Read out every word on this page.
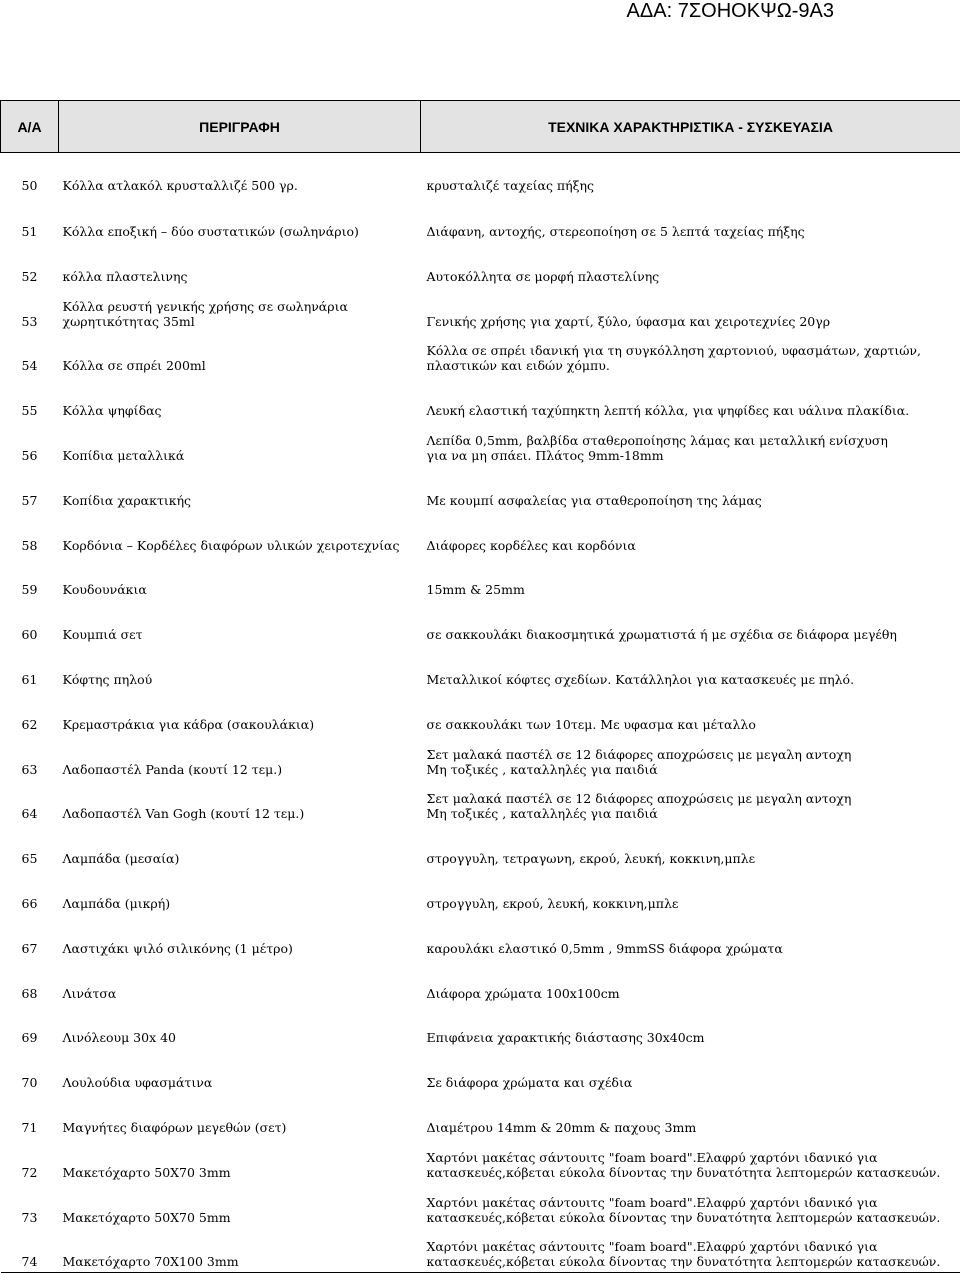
ΑΔΑ: 7ΣΟΗΟΚΨΩ-9Α3
Α/Α	ΠΕΡΙΓΡΑΦΗ	ΤΕΧΝΙΚΑ ΧΑΡΑΚΤΗΡΙΣΤΙΚΑ - ΣΥΣΚΕΥΑΣΙΑ
50	Κόλλα ατλακόλ κρυσταλλιζέ 500 γρ.	κρυσταλιζέ ταχείας πήξης

51	Κόλλα εποξική – δύο συστατικών (σωληνάριο)	Διάφανη, αντοχής, στερεοποίηση σε 5 λεπτά ταχείας πήξης

52	κόλλα πλαστελινης	Αυτοκόλλητα σε μορφή πλαστελίνης

53	Κόλλα ρευστή γενικής χρήσης σε σωληνάρια
χωρητικότητας 35ml	Γενικής χρήσης για χαρτί, ξύλο, ύφασμα και χειροτεχνίες 20γρ

54	Κόλλα σε σπρέι 200ml	Κόλλα σε σπρέι ιδανική για τη συγκόλληση χαρτονιού, υφασμάτων, χαρτιών,
πλαστικών και ειδών χόμπυ.

55	Κόλλα ψηφίδας	Λευκή ελαστική ταχύπηκτη λεπτή κόλλα, για ψηφίδες και υάλινα πλακίδια.

56	Κοπίδια μεταλλικά	Λεπίδα 0,5mm, βαλβίδα σταθεροποίησης λάμας και μεταλλική ενίσχυση
για να μη σπάει. Πλάτος 9mm-18mm

57	Κοπίδια χαρακτικής	Με κουμπί ασφαλείας για σταθεροποίηση της λάμας

58	Κορδόνια – Κορδέλες διαφόρων υλικών χειροτεχνίας	Διάφορες κορδέλες και κορδόνια

59	Κουδουνάκια	15mm & 25mm

60	Κουμπιά σετ	σε σακκουλάκι διακοσμητικά χρωματιστά ή με σχέδια σε διάφορα μεγέθη

61	Κόφτης πηλού	Μεταλλικοί κόφτες σχεδίων. Κατάλληλοι για κατασκευές με πηλό.

62	Κρεμαστράκια για κάδρα (σακουλάκια)	σε σακκουλάκι των 10τεμ. Με υφασμα και μέταλλο

63	Λαδοπαστέλ Panda (κουτί 12 τεμ.)	Σετ μαλακά παστέλ σε 12 διάφορες αποχρώσεις με μεγαλη αντοχη
Μη τοξικές , καταλληλές για παιδιά

64	Λαδοπαστέλ Van Gogh (κουτί 12 τεμ.)	Σετ μαλακά παστέλ σε 12 διάφορες αποχρώσεις με μεγαλη αντοχη
Μη τοξικές , καταλληλές για παιδιά

65	Λαμπάδα (μεσαία)	στρογγυλη, τετραγωνη, εκρού, λευκή, κοκκινη,μπλε

66	Λαμπάδα (μικρή)	στρογγυλη, εκρού, λευκή, κοκκινη,μπλε

67	Λαστιχάκι ψιλό σιλικόνης (1 μέτρο)	καρουλάκι ελαστικό 0,5mm , 9mmSS διάφορα χρώματα

68	Λινάτσα	Διάφορα χρώματα 100x100cm

69	Λινόλεουμ 30x 40	Επιφάνεια χαρακτικής διάστασης 30x40cm

70	Λουλούδια υφασμάτινα	Σε διάφορα χρώματα και σχέδια

71	Μαγνήτες διαφόρων μεγεθών (σετ)	Διαμέτρου 14mm & 20mm & παχους 3mm

72	Μακετόχαρτο 50Χ70 3mm	Χαρτόνι μακέτας σάντουιτς "foam board".Ελαφρύ χαρτόνι ιδανικό για
κατασκευές,κόβεται εύκολα δίνοντας την δυνατότητα λεπτομερών κατασκευών.

73	Μακετόχαρτο 50Χ70 5mm	Χαρτόνι μακέτας σάντουιτς "foam board".Ελαφρύ χαρτόνι ιδανικό για
κατασκευές,κόβεται εύκολα δίνοντας την δυνατότητα λεπτομερών κατασκευών.

74	Μακετόχαρτο 70Χ100 3mm	Χαρτόνι μακέτας σάντουιτς "foam board".Ελαφρύ χαρτόνι ιδανικό για
κατασκευές,κόβεται εύκολα δίνοντας την δυνατότητα λεπτομερών κατασκευών.
